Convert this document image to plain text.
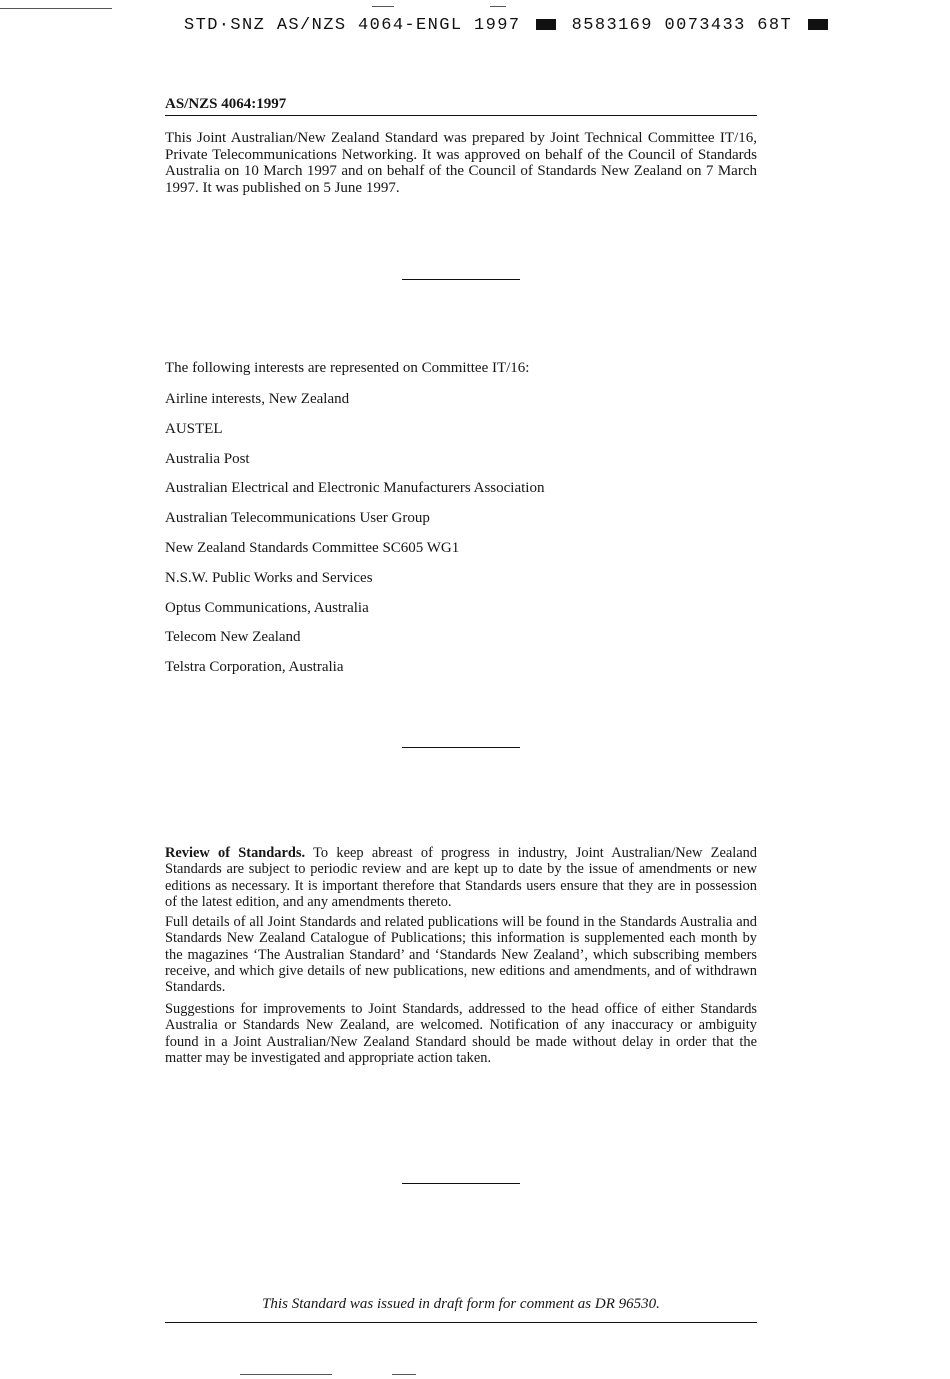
STD·SNZ AS/NZS 4064-ENGL 1997	8583169 0073433 68T
AS/NZS 4064:1997

This Joint Australian/New Zealand Standard was prepared by Joint Technical Committee IT/16, Private Telecommunications Networking. It was approved on behalf of the Council of Standards Australia on 10 March 1997 and on behalf of the Council of Standards New Zealand on 7 March 1997. It was published on 5 June 1997.

The following interests are represented on Committee IT/16:
Airline interests, New Zealand
AUSTEL
Australia Post
Australian Electrical and Electronic Manufacturers Association
Australian Telecommunications User Group
New Zealand Standards Committee SC605 WG1
N.S.W. Public Works and Services
Optus Communications, Australia
Telecom New Zealand
Telstra Corporation, Australia

Review of Standards. To keep abreast of progress in industry, Joint Australian/New Zealand Standards are subject to periodic review and are kept up to date by the issue of amendments or new editions as necessary. It is important therefore that Standards users ensure that they are in possession of the latest edition, and any amendments thereto.

Full details of all Joint Standards and related publications will be found in the Standards Australia and Standards New Zealand Catalogue of Publications; this information is supplemented each month by the magazines ‘The Australian Standard’ and ‘Standards New Zealand’, which subscribing members receive, and which give details of new publications, new editions and amendments, and of withdrawn Standards.

Suggestions for improvements to Joint Standards, addressed to the head office of either Standards Australia or Standards New Zealand, are welcomed. Notification of any inaccuracy or ambiguity found in a Joint Australian/New Zealand Standard should be made without delay in order that the matter may be investigated and appropriate action taken.

This Standard was issued in draft form for comment as DR 96530.
